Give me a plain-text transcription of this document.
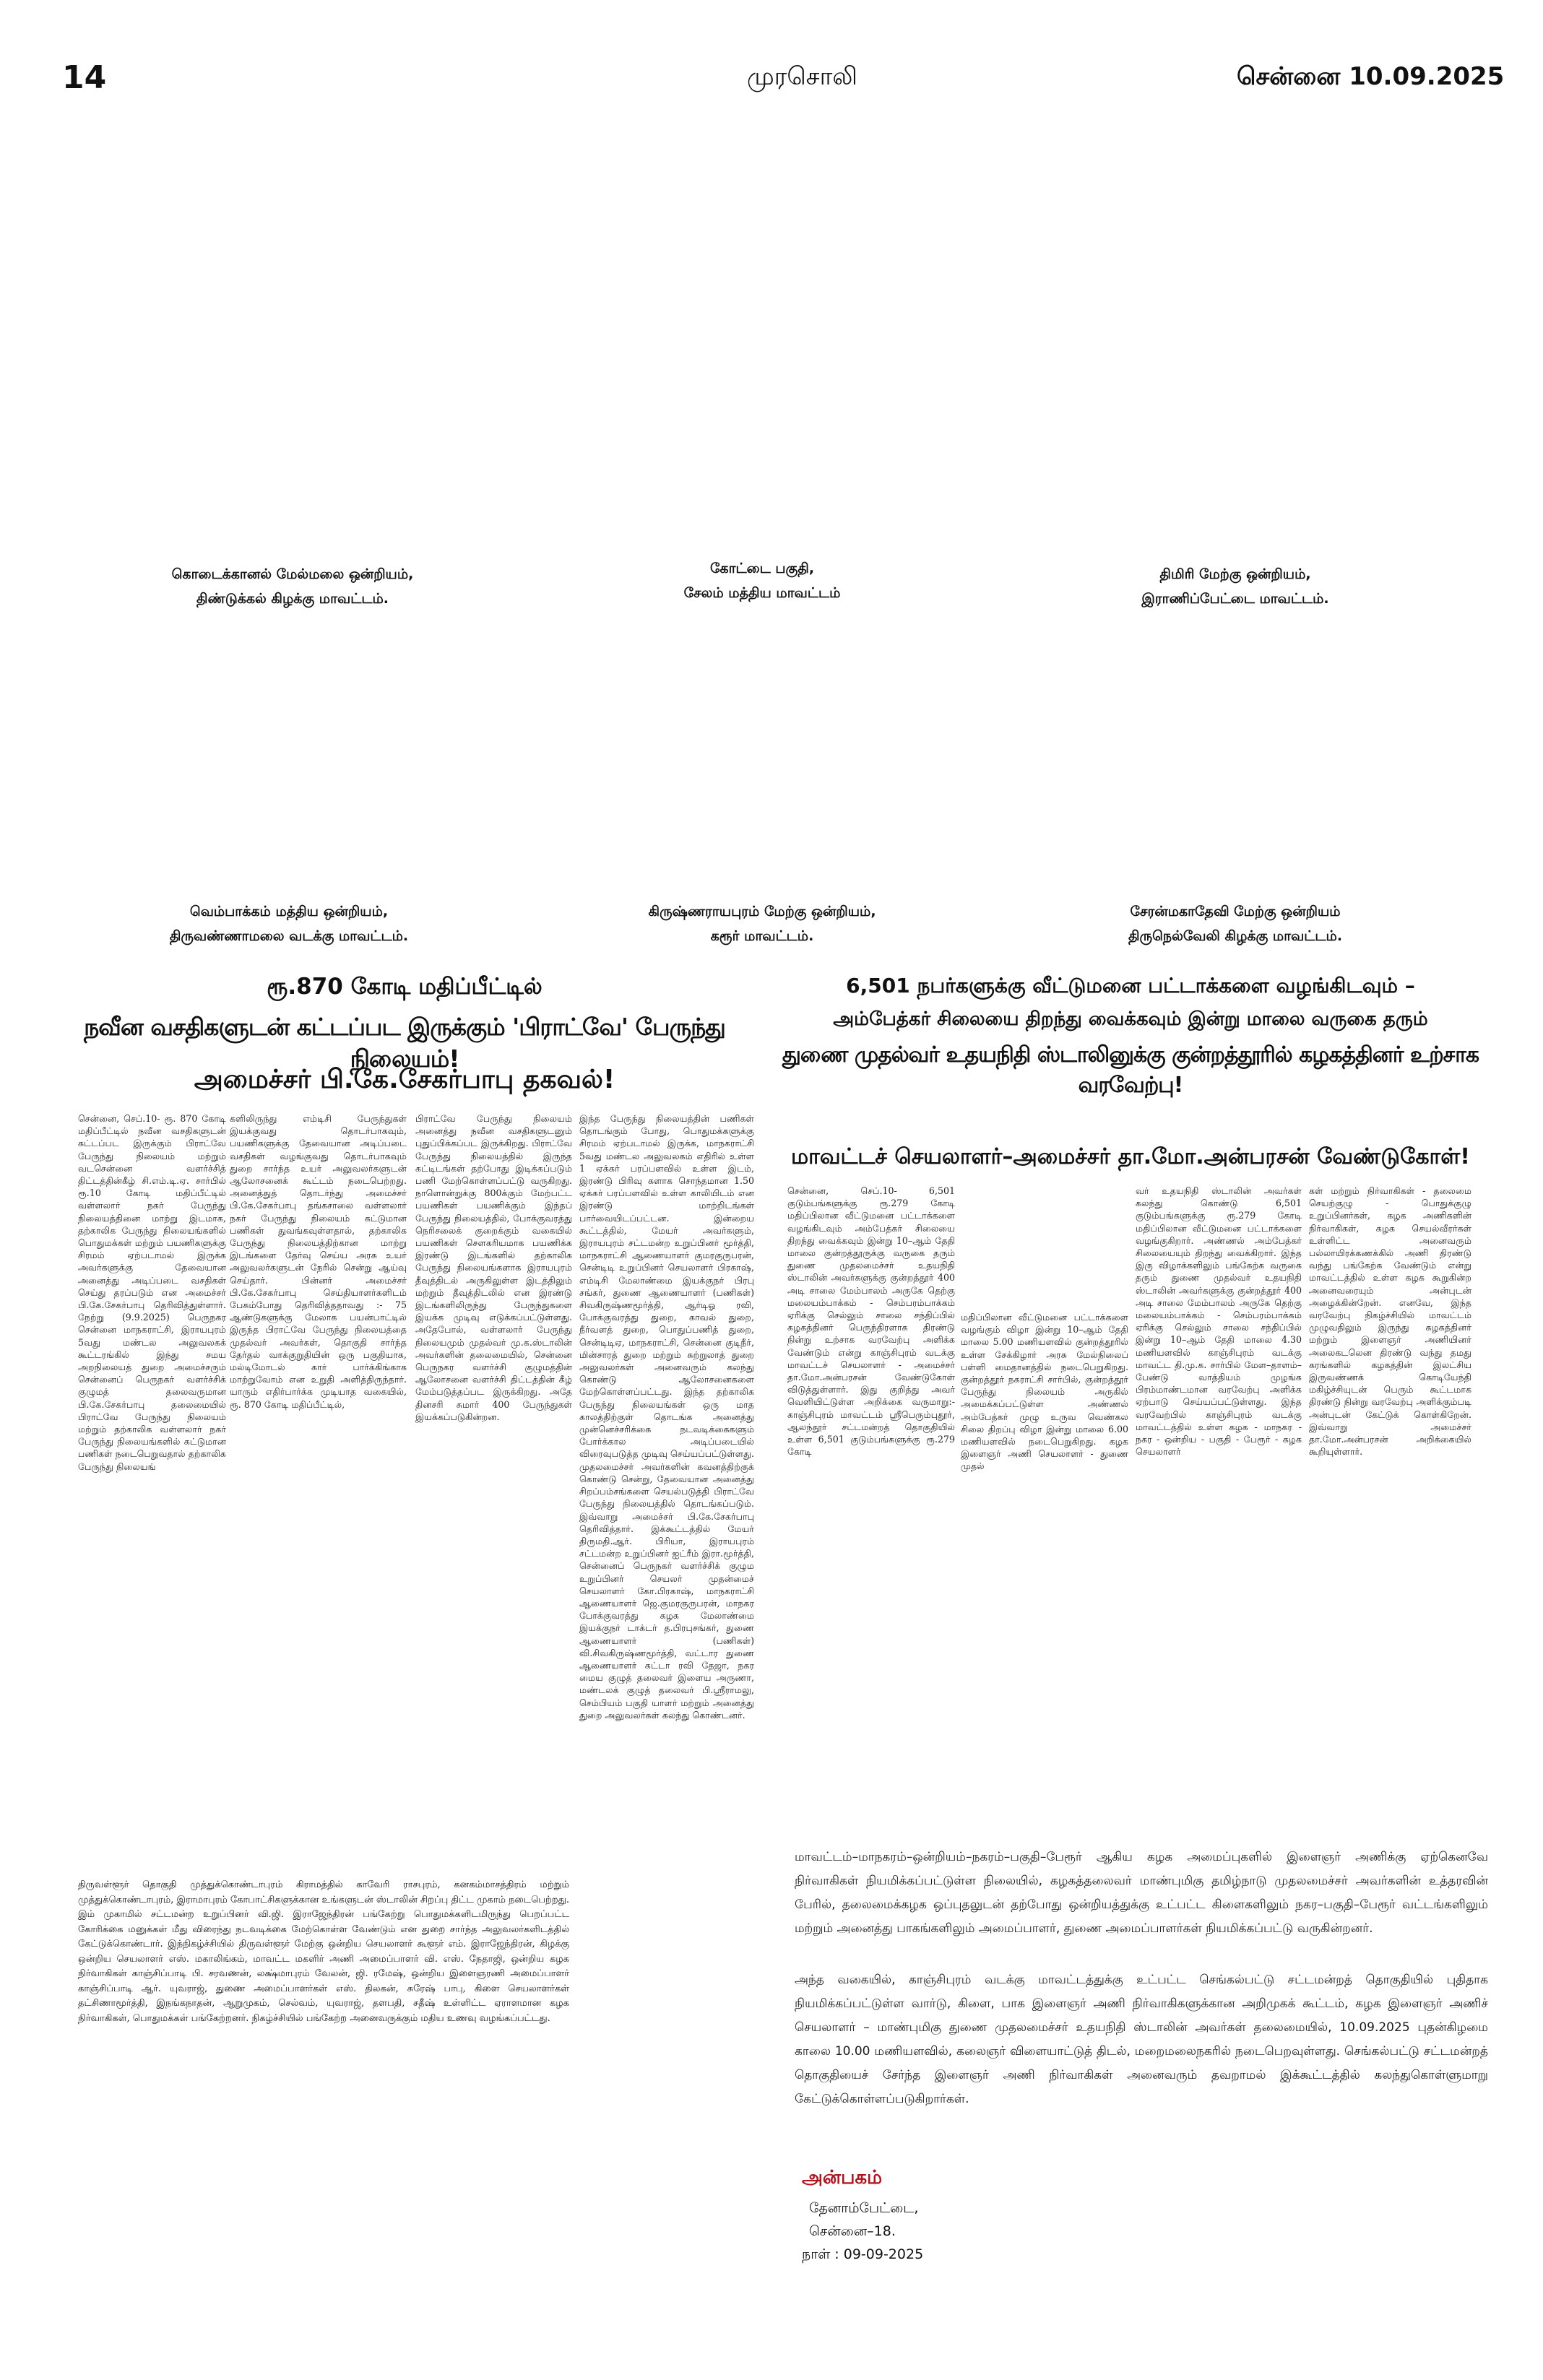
14	முரசொலி	சென்னை 10.09.2025
கொடைக்கானல் மேல்மலை ஒன்றியம்,
திண்டுக்கல் கிழக்கு மாவட்டம்.
கோட்டை பகுதி,
சேலம் மத்திய மாவட்டம்
திமிரி மேற்கு ஒன்றியம்,
இராணிப்பேட்டை மாவட்டம்.
வெம்பாக்கம் மத்திய ஒன்றியம்,
திருவண்ணாமலை வடக்கு மாவட்டம்.
கிருஷ்ணராயபுரம் மேற்கு ஒன்றியம்,
கரூர் மாவட்டம்.
சேரன்மகாதேவி மேற்கு ஒன்றியம்
திருநெல்வேலி கிழக்கு மாவட்டம்.
ரூ.870 கோடி மதிப்பீட்டில்
நவீன வசதிகளுடன் கட்டப்பட இருக்கும் 'பிராட்வே' பேருந்து நிலையம்!
அமைச்சர் பி.கே.சேகர்பாபு தகவல்!
சென்னை, செப்.10- ரூ. 870 கோடி மதிப்பீட்டில் நவீன வசதிகளுடன் கட்டப்பட இருக்கும் பிராட்வே பேருந்து நிலையம் மற்றும் வடசென்னை வளர்ச்சித் திட்டத்தின்கீழ் சி.எம்.டி.ஏ. சார்பில் ரூ.10 கோடி மதிப்பீட்டில் வள்ளலார் நகர் பேருந்து நிலையத்தினை மாற்று இடமாக, தற்காலிக பேருந்து நிலையங்களில் பொதுமக்கள் மற்றும் பயணிகளுக்கு சிரமம் ஏற்படாமல் இருக்க அவர்களுக்கு தேவையான அனைத்து அடிப்படை வசதிகள் செய்து தரப்படும் என அமைச்சர் பி.கே.சேகர்பாபு தெரிவித்துள்ளார். நேற்று (9.9.2025) பெருநகர சென்னை மாநகராட்சி, இராயபுரம் 5வது மண்டல அலுவலகக் கூட்டரங்கில் இந்து சமய அறநிலையத் துறை அமைச்சரும் சென்னைப் பெருநகர் வளர்ச்சிக் குழுமத் தலைவருமான பி.கே.சேகர்பாபு தலைமையில் பிராட்வே பேருந்து நிலையம் மற்றும் தற்காலிக வள்ளலார் நகர் பேருந்து நிலையங்களில் கட்டுமான பணிகள் நடைபெறுவதால் தற்காலிக பேருந்து நிலையங்
களிலிருந்து எம்டிசி பேருந்துகள் இயக்குவது தொடர்பாகவும், பயணிகளுக்கு தேவையான அடிப்படை வசதிகள் வழங்குவது தொடர்பாகவும் துறை சார்ந்த உயர் அலுவலர்களுடன் ஆலோசனைக் கூட்டம் நடைபெற்றது. அனைத்துத் தொடர்ந்து அமைச்சர் பி.கே.சேகர்பாபு தங்கசாலை வள்ளலார் நகர் பேருந்து நிலையம் கட்டுமான பணிகள் துவங்கவுள்ளதால், தற்காலிக பேருந்து நிலையத்திற்கான மாற்று இடங்களை தேர்வு செய்ய அரசு உயர் அலுவலர்களுடன் நேரில் சென்று ஆய்வு செய்தார். பின்னர் அமைச்சர் பி.கே.சேகர்பாபு செய்தியாளர்களிடம் பேசும்போது தெரிவித்ததாவது :- 75 ஆண்டுகளுக்கு மேலாக பயன்பாட்டில் இருந்த பிராட்வே பேருந்து நிலையத்தை முதல்வர் அவர்கள், தொகுதி சார்ந்த தேர்தல் வாக்குறுதியின் ஒரு பகுதியாக, மல்டிமோடல் கார் பார்க்கிங்காக மாற்றுவோம் என உறுதி அளித்திருந்தார். யாரும் எதிர்பார்க்க முடியாத வகையில், ரூ. 870 கோடி மதிப்பீட்டில்,
பிராட்வே பேருந்து நிலையம் அனைத்து நவீன வசதிகளுடனும் புதுப்பிக்கப்பட இருக்கிறது. பிராட்வே பேருந்து நிலையத்தில் இருந்த கட்டிடங்கள் தற்போது இடிக்கப்படும் பணி மேற்கொள்ளப்பட்டு வருகிறது. நாளொன்றுக்கு 800க்கும் மேற்பட்ட பயணிகள் பயணிக்கும் இந்தப் பேருந்து நிலையத்தில், போக்குவரத்து நெரிசலைக் குறைக்கும் வகையில் பயணிகள் சௌகரியமாக பயணிக்க இரண்டு இடங்களில் தற்காலிக பேருந்து நிலையங்களாக இராயபுரம் தீவுத்திடல் அருகிலுள்ள இடத்திலும் மற்றும் தீவுத்திடலில் என இரண்டு இடங்களிலிருந்து பேருந்துகளை இயக்க முடிவு எடுக்கப்பட்டுள்ளது. அதேபோல், வள்ளலார் பேருந்து நிலையமும் முதல்வர் மு.க.ஸ்டாலின் அவர்களின் தலைமையில், சென்னை பெருநகர வளர்ச்சி குழுமத்தின் ஆலோசனை வளர்ச்சி திட்டத்தின் கீழ் மேம்படுத்தப்பட இருக்கிறது. அதே தினசரி சுமார் 400 பேருந்துகள் இயக்கப்படுகின்றன.
இந்த பேருந்து நிலையத்தின் பணிகள் தொடங்கும் போது, பொதுமக்களுக்கு சிரமம் ஏற்படாமல் இருக்க, மாநகராட்சி 5வது மண்டல அலுவலகம் எதிரில் உள்ள 1 ஏக்கர் பரப்பளவில் உள்ள இடம், இரண்டு பிரிவு களாக சொந்தமான 1.50 ஏக்கர் பரப்பளவில் உள்ள காலியிடம் என இரண்டு மாற்றிடங்கள் பார்வையிடப்பட்டன. இன்றைய கூட்டத்தில், மேயர் அவர்களும், இராயபுரம் சட்டமன்ற உறுப்பினர் மூர்த்தி, மாநகராட்சி ஆணையாளர் குமரகுருபரன், சென்டிடி உறுப்பினர் செயலாளர் பிரகாஷ், எம்டிசி மேலாண்மை இயக்குநர் பிரபு சங்கர், துணை ஆணையாளர் (பணிகள்) சிவகிருஷ்ணமூர்த்தி, ஆர்டிஓ ரவி, போக்குவரத்து துறை, காவல் துறை, நீர்வளத் துறை, பொதுப்பணித் துறை, சென்டிடிஏ, மாநகராட்சி, சென்னை குடிநீர், மின்சாரத் துறை மற்றும் சுற்றுலாத் துறை அலுவலர்கள் அனைவரும் கலந்து கொண்டு ஆலோசனைகளை மேற்கொள்ளப்பட்டது. இந்த தற்காலிக பேருந்து நிலையங்கள் ஒரு மாத காலத்திற்குள் தொடங்க அனைத்து முன்னெச்சரிக்கை நடவடிக்கைகளும் போர்க்கால அடிப்படையில் விரைவுபடுத்த முடிவு செய்யப்பட்டுள்ளது. முதலமைச்சர் அவர்களின் கவனத்திற்குக் கொண்டு சென்று, தேவையான அனைத்து சிறப்பம்சங்களை செயல்படுத்தி பிராட்வே பேருந்து நிலையத்தில் தொடங்கப்படும். இவ்வாறு அமைச்சர் பி.கே.சேகர்பாபு தெரிவித்தார். இக்கூட்டத்தில் மேயர் திருமதி.ஆர். பிரியா, இராயபுரம் சட்டமன்ற உறுப்பினர் ஐட்ரீம் இரா.மூர்த்தி, சென்னைப் பெருநகர் வளர்ச்சிக் குழும உறுப்பினர் செயலர் முதன்மைச் செயலாளர் கோ.பிரகாஷ், மாநகராட்சி ஆணையாளர் ஜெ.குமரகுருபரன், மாநகர போக்குவரத்து கழக மேலாண்மை இயக்குநர் டாக்டர் த.பிரபுசங்கர், துணை ஆணையாளர் (பணிகள்) வி.சிவகிருஷ்ணமூர்த்தி, வட்டார துணை ஆணையாளர் கட்டா ரவி தேஜா, நகர மைய குழுத் தலைவர் இளைய அருணா, மண்டலக் குழுத் தலைவர் பி.ஸ்ரீராமலு, செம்பியம் பகுதி யாளர் மற்றும் அனைத்து துறை அலுவலர்கள் கலந்து கொண்டனர்.
திருவள்ளூர் தொகுதி முத்துக்கொண்டாபுரம் கிராமத்தில் காவேரி ராசபுரம், கனகம்மாசத்திரம் மற்றும் முத்துக்கொண்டாபுரம், இராமாபுரம் கோபாட்சிகளுக்கான உங்களுடன் ஸ்டாலின் சிறப்பு திட்ட முகாம் நடைபெற்றது. இம் முகாமில் சட்டமன்ற உறுப்பினர் வி.ஜி. இராஜேந்திரன் பங்கேற்று பொதுமக்களிடமிருந்து பெறப்பட்ட கோரிக்கை மனுக்கள் மீது விரைந்து நடவடிக்கை மேற்கொள்ள வேண்டும் என துறை சார்ந்த அலுவலர்களிடத்தில் கேட்டுக்கொண்டார். இந்நிகழ்ச்சியில் திருவள்ளூர் மேற்கு ஒன்றிய செயலாளர் கூளூர் எம். இராஜேந்திரன், கிழக்கு ஒன்றிய செயலாளர் எஸ். மகாலிங்கம், மாவட்ட மகளிர் அணி அமைப்பாளர் வி. எஸ். நேதாஜி, ஒன்றிய கழக நிர்வாகிகள் காஞ்சிப்பாடி பி. சரவணன், லக்ஷ்மாபுரம் வேலன், ஜி. ரமேஷ், ஒன்றிய இளைஞரணி அமைப்பாளர் காஞ்சிப்பாடி ஆர். யுவராஜ், துணை அமைப்பாளர்கள் எஸ். திலகன், சுரேஷ் பாபு, கிளை செயலாளர்கள் தட்சிணாமூர்த்தி, இநங்கநாதன், ஆறுமுகம், செல்வம், யுவராஜ், தளபதி, சதீஷ் உள்ளிட்ட ஏராளமான கழக நிர்வாகிகள், பொதுமக்கள் பங்கேற்றனர். நிகழ்ச்சியில் பங்கேற்ற அனைவருக்கும் மதிய உணவு வழங்கப்பட்டது.
6,501 நபர்களுக்கு வீட்டுமனை பட்டாக்களை வழங்கிடவும் –
அம்பேத்கர் சிலையை திறந்து வைக்கவும் இன்று மாலை வருகை தரும்
துணை முதல்வர் உதயநிதி ஸ்டாலினுக்கு குன்றத்தூரில் கழகத்தினர் உற்சாக வரவேற்பு!
மாவட்டச் செயலாளர்–அமைச்சர் தா.மோ.அன்பரசன் வேண்டுகோள்!
சென்னை, செப்.10- 6,501 குடும்பங்களுக்கு ரூ.279 கோடி மதிப்பிலான வீட்டுமனை பட்டாக்களை வழங்கிடவும் அம்பேத்கர் சிலையை திறந்து வைக்கவும் இன்று 10–ஆம் தேதி மாலை குன்றத்தூருக்கு வருகை தரும் துணை முதலமைச்சர் உதயநிதி ஸ்டாலின் அவர்களுக்கு குன்றத்தூர் 400 அடி சாலை மேம்பாலம் அருகே தெற்கு மலையம்பாக்கம் - செம்பரம்பாக்கம் ஏரிக்கு செல்லும் சாலை சந்திப்பில் கழகத்தினர் பெருந்திரளாக திரண்டு நின்று உற்சாக வரவேற்பு அளிக்க வேண்டும் என்று காஞ்சிபுரம் வடக்கு மாவட்டச் செயலாளர் - அமைச்சர் தா.மோ.அன்பரசன் வேண்டுகோள் விடுத்துள்ளார். இது குறித்து அவர் வெளியிட்டுள்ள அறிக்கை வருமாறு:- காஞ்சிபுரம் மாவட்டம் ஸ்ரீபெரும்புதூர், ஆலந்தூர் சட்டமன்றத் தொகுதியில் உள்ள 6,501 குடும்பங்களுக்கு ரூ.279 கோடி
மதிப்பிலான வீட்டுமனை பட்டாக்களை வழங்கும் விழா இன்று 10–ஆம் தேதி மாலை 5.00 மணியளவில் குன்றத்தூரில் உள்ள சேக்கிழார் அரசு மேல்நிலைப் பள்ளி மைதானத்தில் நடைபெறுகிறது. குன்றத்தூர் நகராட்சி சார்பில், குன்றத்தூர் பேருந்து நிலையம் அருகில் அமைக்கப்பட்டுள்ள அண்ணல் அம்பேத்கர் முழு உருவ வெண்கல சிலை திறப்பு விழா இன்று மாலை 6.00 மணியளவில் நடைபெறுகிறது. கழக இளைஞர் அணி செயலாளர் - துணை முதல்
வர் உதயநிதி ஸ்டாலின் அவர்கள் கலந்து கொண்டு 6,501 குடும்பங்களுக்கு ரூ.279 கோடி மதிப்பிலான வீட்டுமனை பட்டாக்களை வழங்குகிறார். அண்ணல் அம்பேத்கர் சிலையையும் திறந்து வைக்கிறார். இந்த இரு விழாக்களிலும் பங்கேற்க வருகை தரும் துணை முதல்வர் உதயநிதி ஸ்டாலின் அவர்களுக்கு குன்றத்தூர் 400 அடி சாலை மேம்பாலம் அருகே தெற்கு மலையம்பாக்கம் - செம்பரம்பாக்கம் ஏரிக்கு செல்லும் சாலை சந்திப்பில் இன்று 10–ஆம் தேதி மாலை 4.30 மணியளவில் காஞ்சிபுரம் வடக்கு மாவட்ட தி.மு.க. சார்பில் மேள–தாளம்–பேண்டு வாத்தியம் முழங்க பிரம்மாண்டமான வரவேற்பு அளிக்க ஏற்பாடு செய்யப்பட்டுள்ளது. இந்த வரவேற்பில் காஞ்சிபுரம் வடக்கு மாவட்டத்தில் உள்ள கழக - மாநகர - நகர - ஒன்றிய - பகுதி - பேரூர் - கழக செயலாளர்
கள் மற்றும் நிர்வாகிகள் - தலைமை செயற்குழு - பொதுக்குழு உறுப்பினர்கள், கழக அணிகளின் நிர்வாகிகள், கழக செயல்வீரர்கள் உள்ளிட்ட அனைவரும் பல்லாயிரக்கணக்கில் அணி திரண்டு வந்து பங்கேற்க வேண்டும் என்று மாவட்டத்தில் உள்ள கழக கூறுகின்ற அனைவரையும் அன்புடன் அழைக்கின்றேன். எனவே, இந்த வரவேற்பு நிகழ்ச்சியில் மாவட்டம் முழுவதிலும் இருந்து கழகத்தினர் மற்றும் இளைஞர் அணியினர் அலைகடலென திரண்டு வந்து தமது கரங்களில் கழகத்தின் இலட்சிய இருவண்ணக் கொடியேந்தி மகிழ்ச்சியுடன் பெரும் கூட்டமாக திரண்டு நின்று வரவேற்பு அளிக்கும்படி அன்புடன் கேட்டுக் கொள்கிறேன். இவ்வாறு அமைச்சர் தா.மோ.அன்பரசன் அறிக்கையில் கூறியுள்ளார்.
மாவட்டம்–மாநகரம்–ஒன்றியம்–நகரம்–பகுதி–பேரூர் ஆகிய கழக அமைப்புகளில் இளைஞர் அணிக்கு ஏற்கெனவே நிர்வாகிகள் நியமிக்கப்பட்டுள்ள நிலையில், கழகத்தலைவர் மாண்புமிகு தமிழ்நாடு முதலமைச்சர் அவர்களின் உத்தரவின் பேரில், தலைமைக்கழக ஒப்புதலுடன் தற்போது ஒன்றியத்துக்கு உட்பட்ட கிளைகளிலும் நகர–பகுதி–பேரூர் வட்டங்களிலும் மற்றும் அனைத்து பாகங்களிலும் அமைப்பாளர், துணை அமைப்பாளர்கள் நியமிக்கப்பட்டு வருகின்றனர்.
அந்த வகையில், காஞ்சிபுரம் வடக்கு மாவட்டத்துக்கு உட்பட்ட செங்கல்பட்டு சட்டமன்றத் தொகுதியில் புதிதாக நியமிக்கப்பட்டுள்ள வார்டு, கிளை, பாக இளைஞர் அணி நிர்வாகிகளுக்கான அறிமுகக் கூட்டம், கழக இளைஞர் அணிச் செயலாளர் – மாண்புமிகு துணை முதலமைச்சர் உதயநிதி ஸ்டாலின் அவர்கள் தலைமையில், 10.09.2025 புதன்கிழமை காலை 10.00 மணியளவில், கலைஞர் விளையாட்டுத் திடல், மறைமலைநகரில் நடைபெறவுள்ளது. செங்கல்பட்டு சட்டமன்றத் தொகுதியைச் சேர்ந்த இளைஞர் அணி நிர்வாகிகள் அனைவரும் தவறாமல் இக்கூட்டத்தில் கலந்துகொள்ளுமாறு கேட்டுக்கொள்ளப்படுகிறார்கள்.
அன்பகம்
தேனாம்பேட்டை,
சென்னை–18.
நாள் : 09-09-2025
